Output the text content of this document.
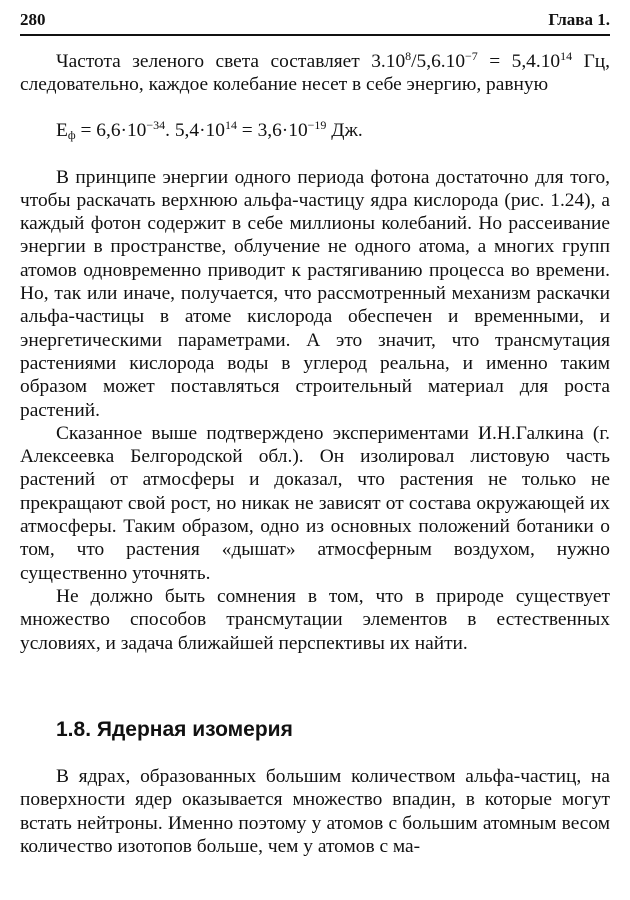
280	Глава 1.

Частота зеленого света составляет $3.10^8/5,6.10^{-7} = 5,4.10^{14}$ Гц, следовательно, каждое колебание несет в себе энергию, равную

$E_ф = 6,6\cdot 10^{-34}$. $5,4\cdot 10^{14} = 3,6\cdot 10^{-19}$ Дж.

В принципе энергии одного периода фотона достаточно для того, чтобы раскачать верхнюю альфа-частицу ядра кислорода (рис. 1.24), а каждый фотон содержит в себе миллионы колебаний. Но рассеивание энергии в пространстве, облучение не одного атома, а многих групп атомов одновременно приводит к растягиванию процесса во времени. Но, так или иначе, получается, что рассмотренный механизм раскачки альфа-частицы в атоме кислорода обеспечен и временными, и энергетическими параметрами. А это значит, что трансмутация растениями кислорода воды в углерод реальна, и именно таким образом может поставляться строительный материал для роста растений.

Сказанное выше подтверждено экспериментами И.Н.Галкина (г. Алексеевка Белгородской обл.). Он изолировал листовую часть растений от атмосферы и доказал, что растения не только не прекращают свой рост, но никак не зависят от состава окружающей их атмосферы. Таким образом, одно из основных положений ботаники о том, что растения «дышат» атмосферным воздухом, нужно существенно уточнять.

Не должно быть сомнения в том, что в природе существует множество способов трансмутации элементов в естественных условиях, и задача ближайшей перспективы их найти.

1.8. Ядерная изомерия

В ядрах, образованных большим количеством альфа-частиц, на поверхности ядер оказывается множество впадин, в которые могут встать нейтроны. Именно поэтому у атомов с большим атомным весом количество изотопов больше, чем у атомов с ма-
